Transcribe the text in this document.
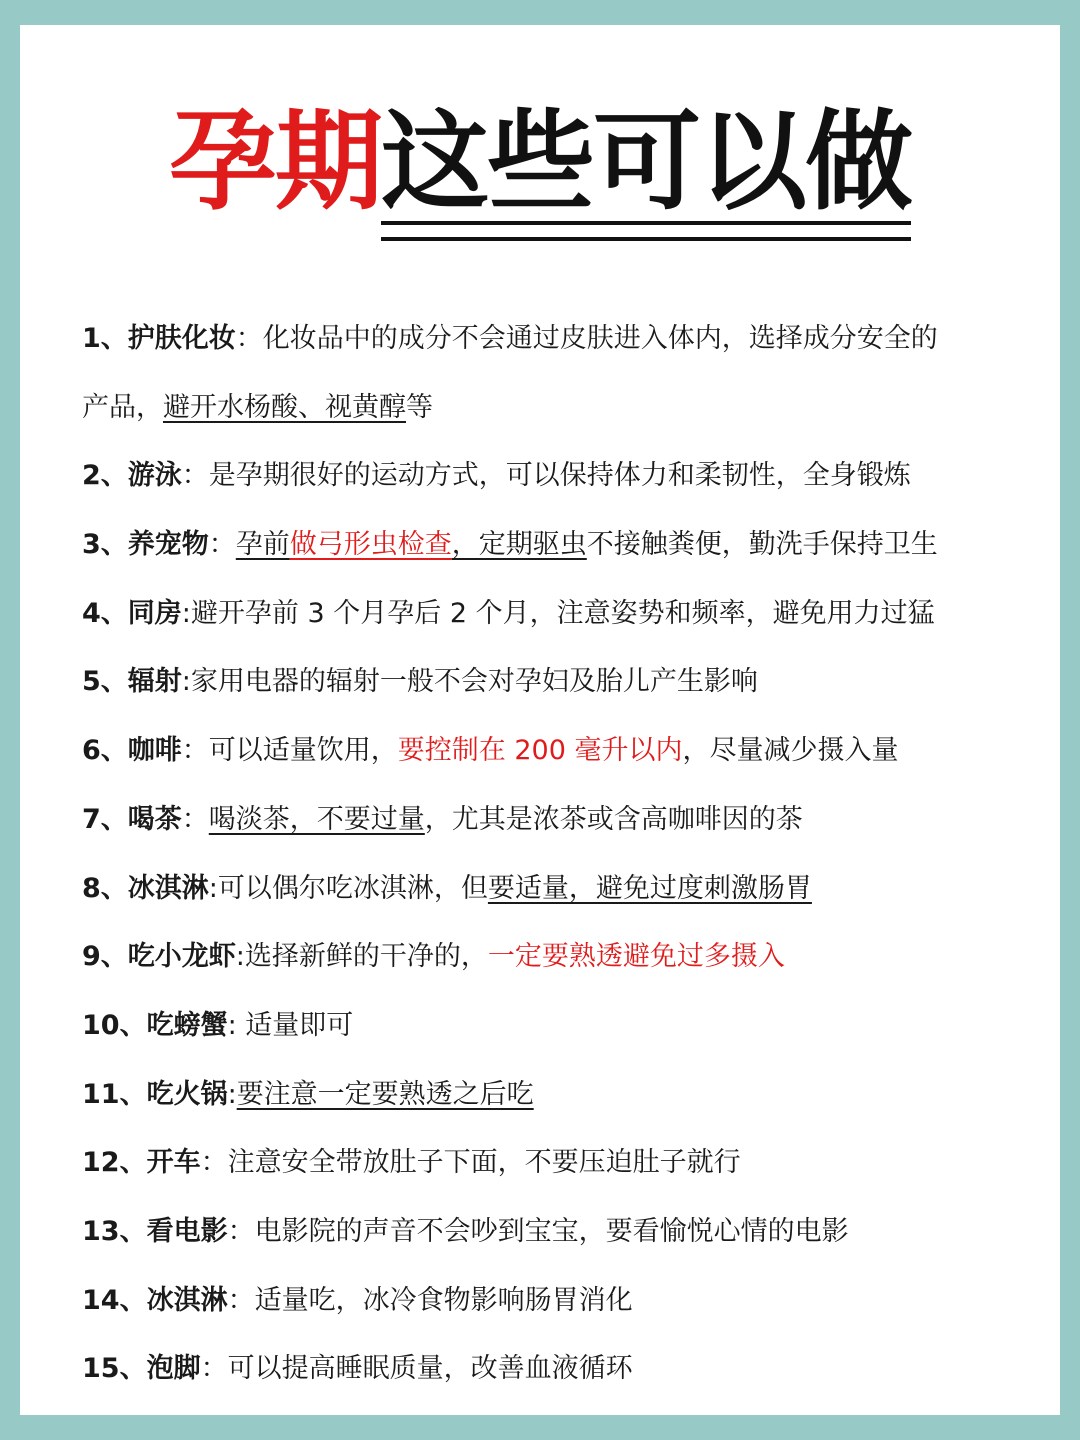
孕期这些可以做
1、护肤化妆：化妆品中的成分不会通过皮肤进入体内，选择成分安全的
产品，避开水杨酸、视黄醇等
2、游泳：是孕期很好的运动方式，可以保持体力和柔韧性，全身锻炼
3、养宠物：孕前做弓形虫检查，定期驱虫不接触粪便，勤洗手保持卫生
4、同房:避开孕前 3 个月孕后 2 个月，注意姿势和频率，避免用力过猛
5、辐射:家用电器的辐射一般不会对孕妇及胎儿产生影响
6、咖啡：可以适量饮用，要控制在 200 毫升以内，尽量减少摄入量
7、喝茶：喝淡茶，不要过量，尤其是浓茶或含高咖啡因的茶
8、冰淇淋:可以偶尔吃冰淇淋，但要适量，避免过度刺激肠胃
9、吃小龙虾:选择新鲜的干净的，一定要熟透避免过多摄入
10、吃螃蟹: 适量即可
11、吃火锅:要注意一定要熟透之后吃
12、开车：注意安全带放肚子下面，不要压迫肚子就行
13、看电影：电影院的声音不会吵到宝宝，要看愉悦心情的电影
14、冰淇淋：适量吃，冰冷食物影响肠胃消化
15、泡脚：可以提高睡眠质量，改善血液循环
